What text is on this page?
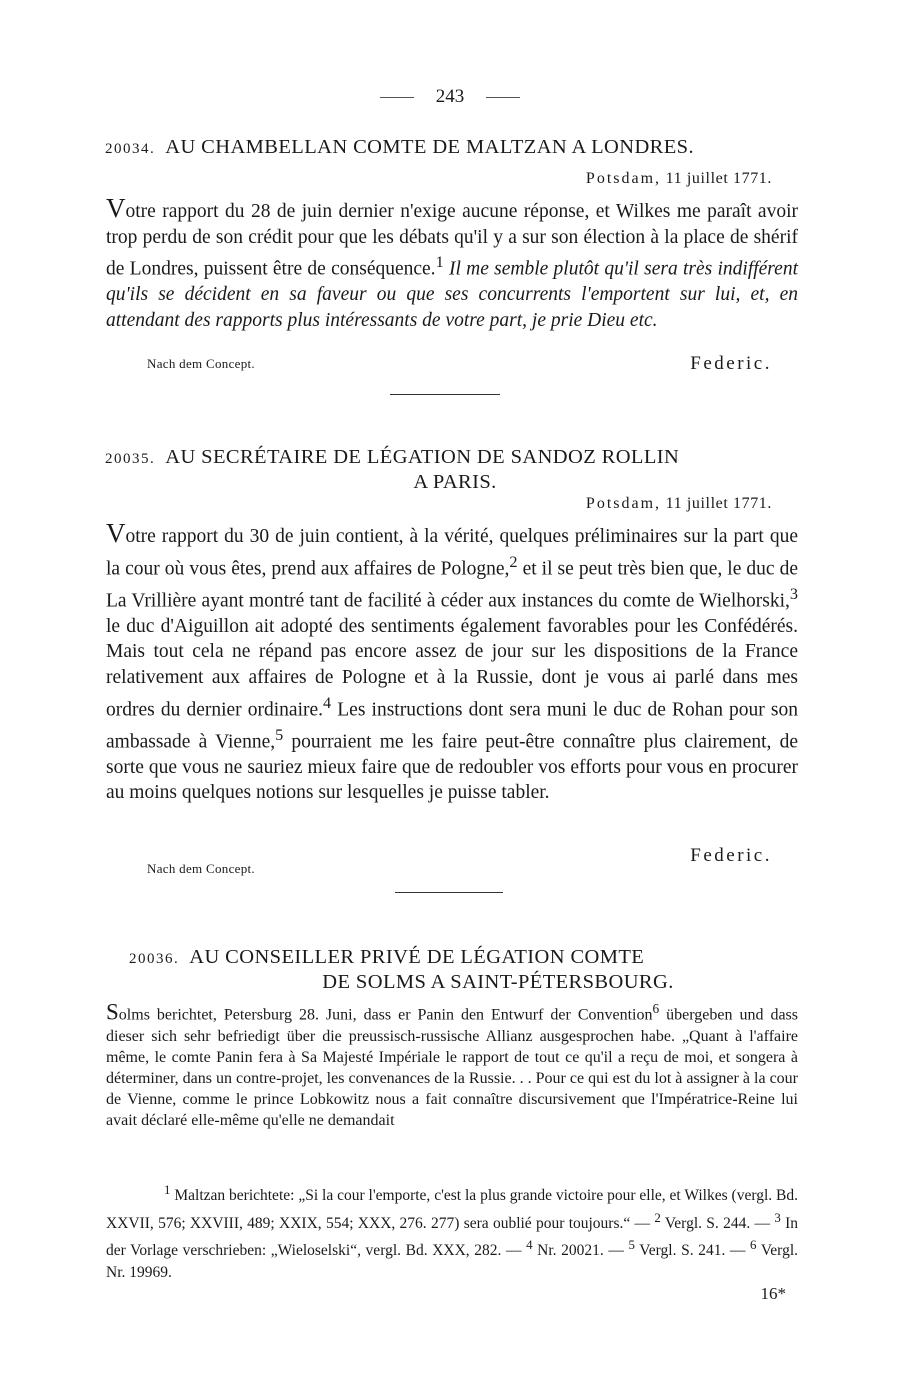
243
20034. AU CHAMBELLAN COMTE DE MALTZAN A LONDRES.
Potsdam, 11 juillet 1771.
Votre rapport du 28 de juin dernier n'exige aucune réponse, et Wilkes me paraît avoir trop perdu de son crédit pour que les débats qu'il y a sur son élection à la place de shérif de Londres, puissent être de conséquence.$^1$ Il me semble plutôt qu'il sera très indifférent qu'ils se décident en sa faveur ou que ses concurrents l'emportent sur lui, et, en attendant des rapports plus intéressants de votre part, je prie Dieu etc.
Nach dem Concept.	Federic.
20035. AU SECRÉTAIRE DE LÉGATION DE SANDOZ ROLLIN
A PARIS.
Potsdam, 11 juillet 1771.
Votre rapport du 30 de juin contient, à la vérité, quelques préliminaires sur la part que la cour où vous êtes, prend aux affaires de Pologne,$^2$ et il se peut très bien que, le duc de La Vrillière ayant montré tant de facilité à céder aux instances du comte de Wielhorski,$^3$ le duc d'Aiguillon ait adopté des sentiments également favorables pour les Confédérés. Mais tout cela ne répand pas encore assez de jour sur les dispositions de la France relativement aux affaires de Pologne et à la Russie, dont je vous ai parlé dans mes ordres du dernier ordinaire.$^4$ Les instructions dont sera muni le duc de Rohan pour son ambassade à Vienne,$^5$ pourraient me les faire peut-être connaître plus clairement, de sorte que vous ne sauriez mieux faire que de redoubler vos efforts pour vous en procurer au moins quelques notions sur lesquelles je puisse tabler.
Federic.
Nach dem Concept.
20036. AU CONSEILLER PRIVÉ DE LÉGATION COMTE
DE SOLMS A SAINT-PÉTERSBOURG.
Solms berichtet, Petersburg 28. Juni, dass er Panin den Entwurf der Convention$^6$ übergeben und dass dieser sich sehr befriedigt über die preussisch-russische Allianz ausgesprochen habe. „Quant à l'affaire même, le comte Panin fera à Sa Majesté Impériale le rapport de tout ce qu'il a reçu de moi, et songera à déterminer, dans un contre-projet, les convenances de la Russie. . . Pour ce qui est du lot à assigner à la cour de Vienne, comme le prince Lobkowitz nous a fait connaître discursivement que l'Impératrice-Reine lui avait déclaré elle-même qu'elle ne demandait
$^1$ Maltzan berichtete: „Si la cour l'emporte, c'est la plus grande victoire pour elle, et Wilkes (vergl. Bd. XXVII, 576; XXVIII, 489; XXIX, 554; XXX, 276. 277) sera oublié pour toujours.“ — $^2$ Vergl. S. 244. — $^3$ In der Vorlage verschrieben: „Wieloselski“, vergl. Bd. XXX, 282. — $^4$ Nr. 20021. — $^5$ Vergl. S. 241. — $^6$ Vergl. Nr. 19969.
16*
